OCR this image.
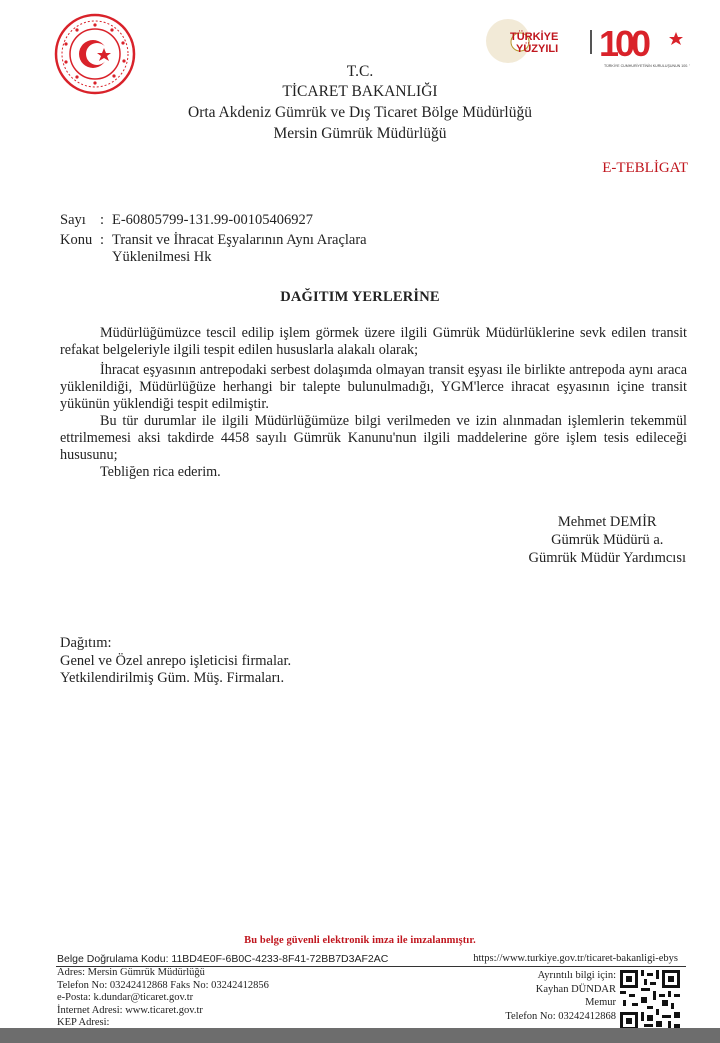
TÜRKİYE
YÜZYILI 100
TÜRKİYE CUMHURİYETİNİN KURULUŞUNUN 100. YILI
T.C.
TİCARET BAKANLIĞI
Orta Akdeniz Gümrük ve Dış Ticaret Bölge Müdürlüğü
Mersin Gümrük Müdürlüğü
E-TEBLİGAT
Sayı : E-60805799-131.99-00105406927
Konu : Transit ve İhracat Eşyalarının Aynı Araçlara
Yüklenilmesi Hk
DAĞITIM YERLERİNE
Müdürlüğümüzce tescil edilip işlem görmek üzere ilgili Gümrük Müdürlüklerine sevk edilen transit refakat belgeleriyle ilgili tespit edilen hususlarla alakalı olarak;
İhracat eşyasının antrepodaki serbest dolaşımda olmayan transit eşyası ile birlikte antrepoda aynı araca yüklenildiği, Müdürlüğüze herhangi bir talepte bulunulmadığı, YGM'lerce ihracat eşyasının içine transit yükünün yüklendiği tespit edilmiştir.
Bu tür durumlar ile ilgili Müdürlüğümüze bilgi verilmeden ve izin alınmadan işlemlerin tekemmül ettrilmemesi aksi takdirde 4458 sayılı Gümrük Kanunu'nun ilgili maddelerine göre işlem tesis edileceği hususunu;
Tebliğen rica ederim.
Mehmet DEMİR
Gümrük Müdürü a.
Gümrük Müdür Yardımcısı
Dağıtım:
Genel ve Özel anrepo işleticisi firmalar.
Yetkilendirilmiş Güm. Müş. Firmaları.
Bu belge güvenli elektronik imza ile imzalanmıştır.
Belge Doğrulama Kodu: 11BD4E0F-6B0C-4233-8F41-72BB7D3AF2AC	https://www.turkiye.gov.tr/ticaret-bakanligi-ebys
Adres: Mersin Gümrük Müdürlüğü
Telefon No: 03242412868 Faks No: 03242412856
e-Posta: k.dundar@ticaret.gov.tr
İnternet Adresi: www.ticaret.gov.tr
KEP Adresi:
Ayrıntılı bilgi için:
Kayhan DÜNDAR
Memur
Telefon No: 03242412868
